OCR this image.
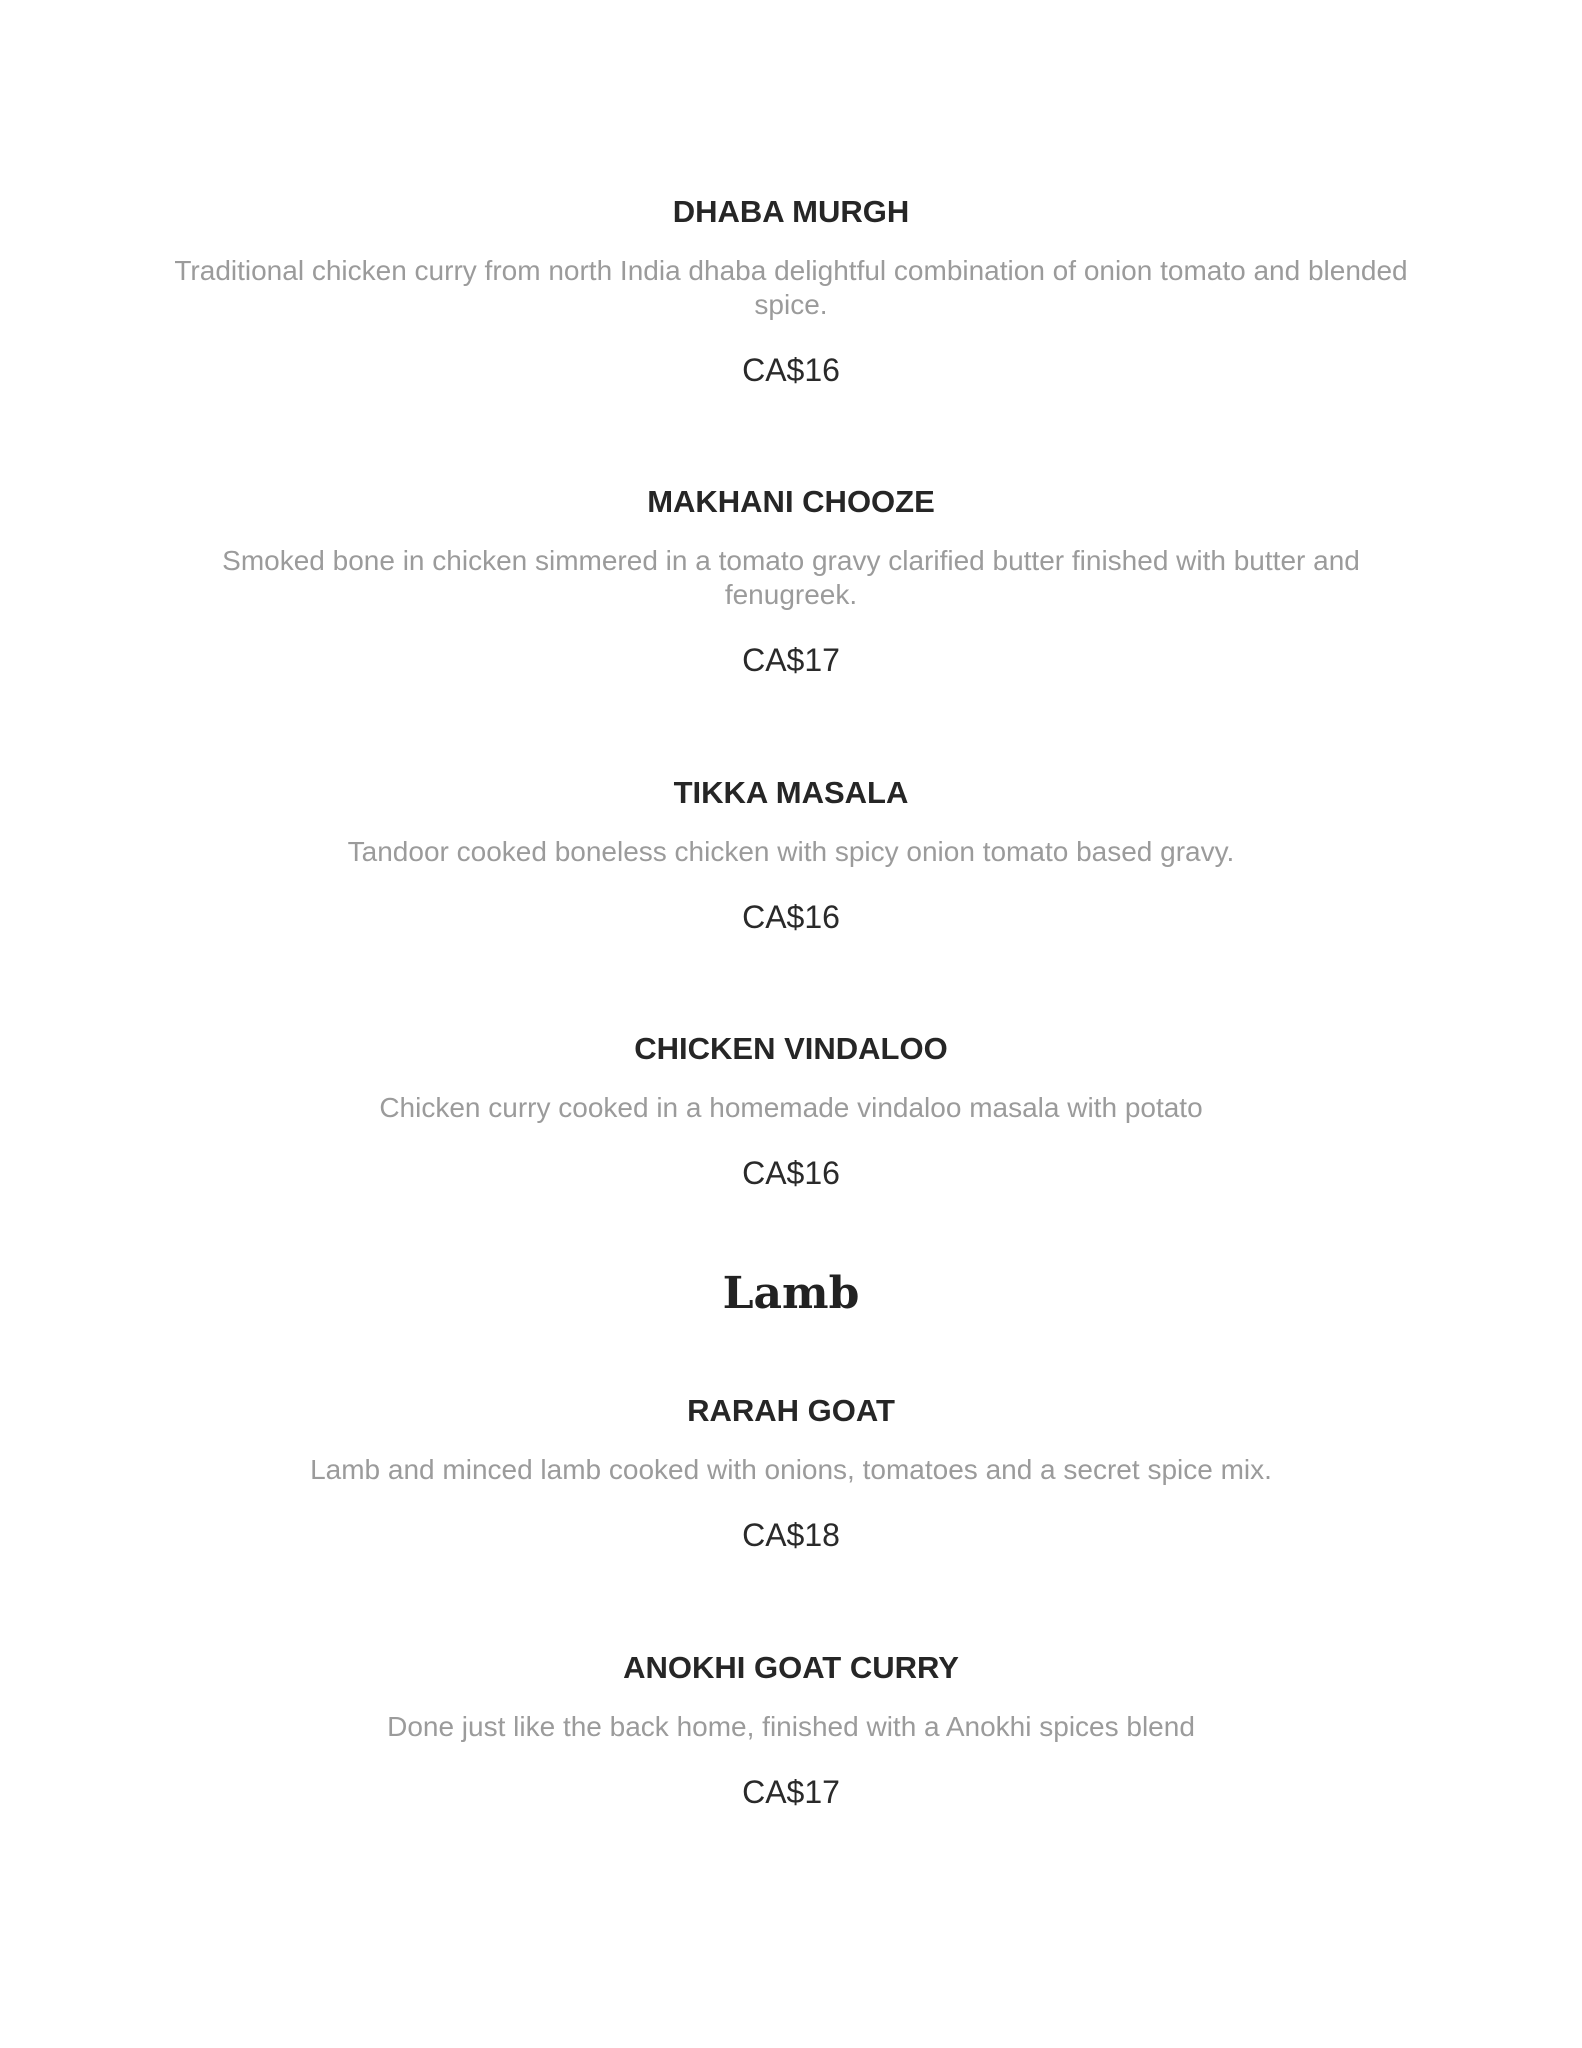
DHABA MURGH
Traditional chicken curry from north India dhaba delightful combination of onion tomato and blended spice.
CA$16
MAKHANI CHOOZE
Smoked bone in chicken simmered in a tomato gravy clarified butter finished with butter and fenugreek.
CA$17
TIKKA MASALA
Tandoor cooked boneless chicken with spicy onion tomato based gravy.
CA$16
CHICKEN VINDALOO
Chicken curry cooked in a homemade vindaloo masala with potato
CA$16
Lamb
RARAH GOAT
Lamb and minced lamb cooked with onions, tomatoes and a secret spice mix.
CA$18
ANOKHI GOAT CURRY
Done just like the back home, finished with a Anokhi spices blend
CA$17
